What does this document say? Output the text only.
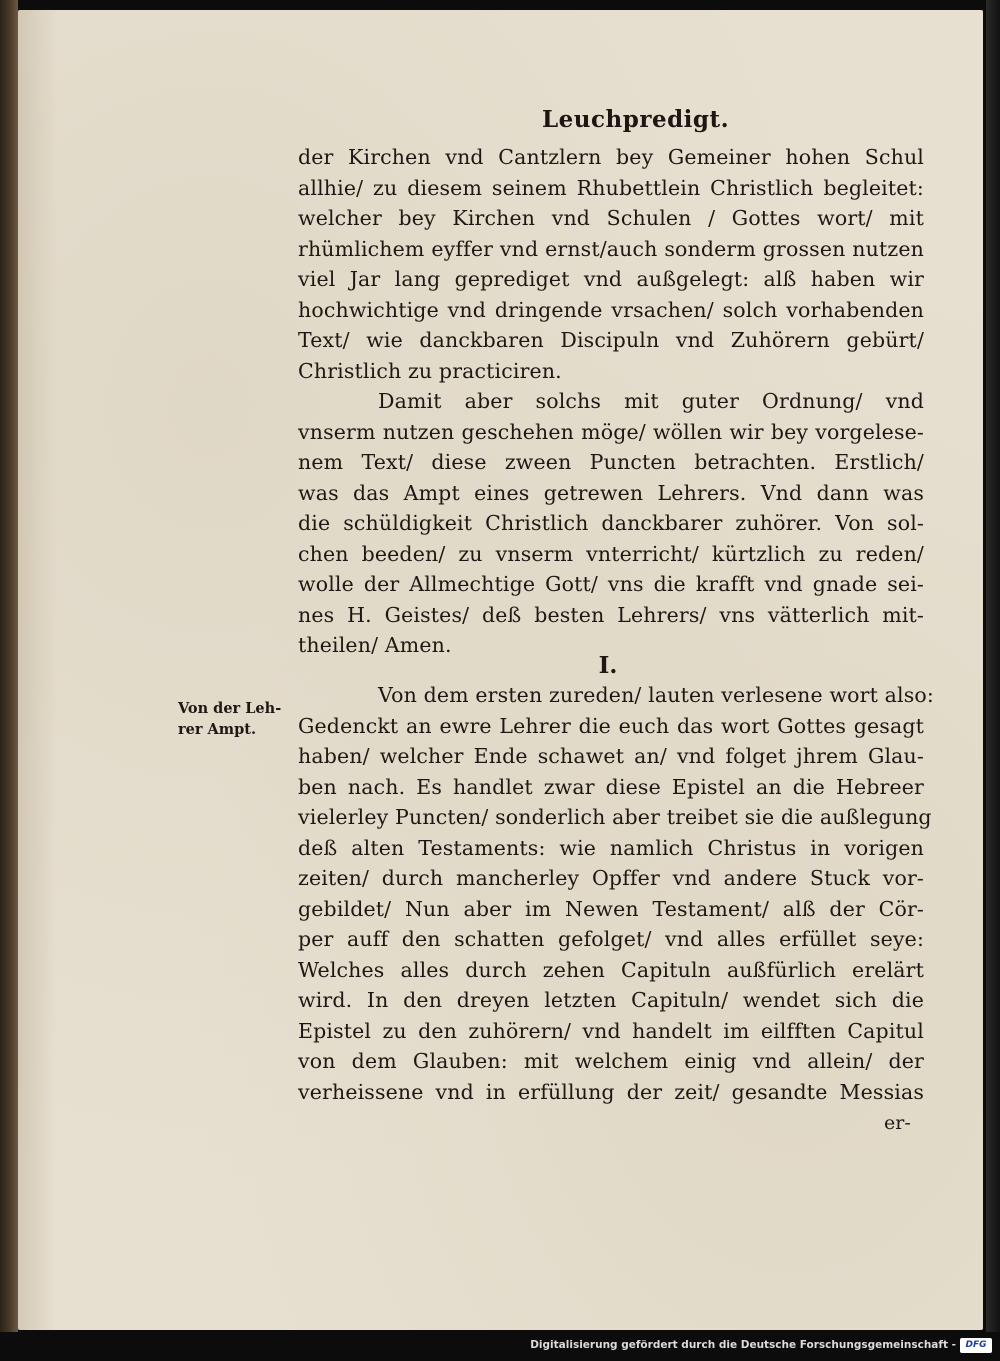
Leuchpredigt.
der Kirchen vnd Cantzlern bey Gemeiner hohen Schul
allhie/ zu diesem seinem Rhubettlein Christlich begleitet:
welcher bey Kirchen vnd Schulen / Gottes wort/ mit
rhümlichem eyffer vnd ernst/auch sonderm grossen nutzen
viel Jar lang geprediget vnd außgelegt: alß haben wir
hochwichtige vnd dringende vrsachen/ solch vorhabenden
Text/ wie danckbaren Discipuln vnd Zuhörern gebürt/
Christlich zu practiciren.
Damit aber solchs mit guter Ordnung/ vnd
vnserm nutzen geschehen möge/ wöllen wir bey vorgelese-
nem Text/ diese zween Puncten betrachten. Erstlich/
was das Ampt eines getrewen Lehrers. Vnd dann was
die schüldigkeit Christlich danckbarer zuhörer. Von sol-
chen beeden/ zu vnserm vnterricht/ kürtzlich zu reden/
wolle der Allmechtige Gott/ vns die krafft vnd gnade sei-
nes H. Geistes/ deß besten Lehrers/ vns vätterlich mit-
theilen/ Amen.
I.
Von der Leh-
rer Ampt.
Von dem ersten zureden/ lauten verlesene wort also:
Gedenckt an ewre Lehrer die euch das wort Gottes gesagt
haben/ welcher Ende schawet an/ vnd folget jhrem Glau-
ben nach. Es handlet zwar diese Epistel an die Hebreer
vielerley Puncten/ sonderlich aber treibet sie die außlegung
deß alten Testaments: wie namlich Christus in vorigen
zeiten/ durch mancherley Opffer vnd andere Stuck vor-
gebildet/ Nun aber im Newen Testament/ alß der Cör-
per auff den schatten gefolget/ vnd alles erfüllet seye:
Welches alles durch zehen Capituln außfürlich erelärt
wird. In den dreyen letzten Capituln/ wendet sich die
Epistel zu den zuhörern/ vnd handelt im eilfften Capitul
von dem Glauben: mit welchem einig vnd allein/ der
verheissene vnd in erfüllung der zeit/ gesandte Messias
er-
Digitalisierung gefördert durch die Deutsche Forschungsgemeinschaft -	DFG
